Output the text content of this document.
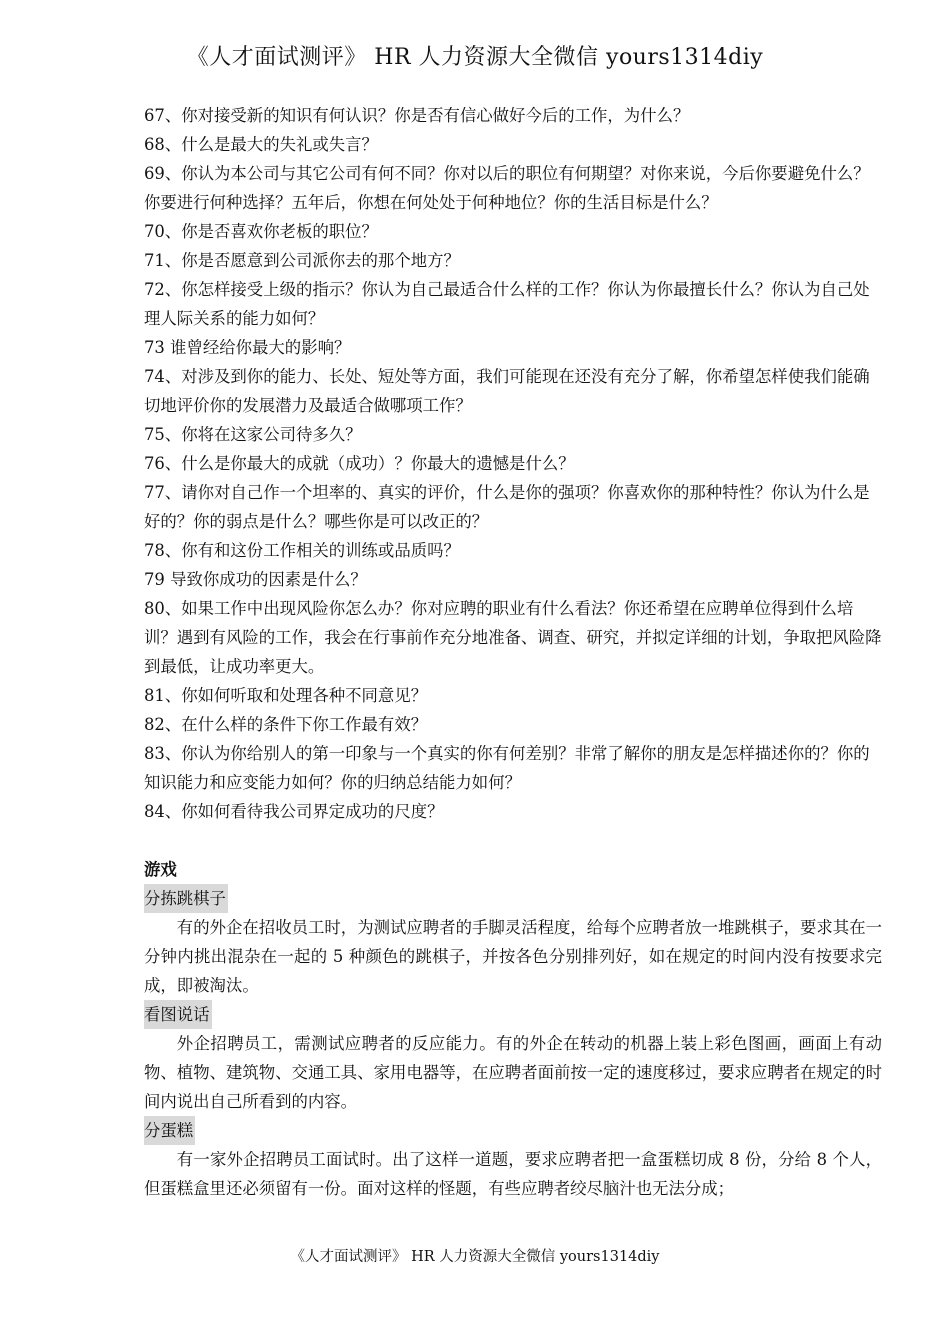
《人才面试测评》 HR 人力资源大全微信 yours1314diy

67、你对接受新的知识有何认识？你是否有信心做好今后的工作，为什么？

68、什么是最大的失礼或失言？

69、你认为本公司与其它公司有何不同？你对以后的职位有何期望？对你来说，今后你要避免什么？你要进行何种选择？五年后，你想在何处处于何种地位？你的生活目标是什么？

70、你是否喜欢你老板的职位？

71、你是否愿意到公司派你去的那个地方？

72、你怎样接受上级的指示？你认为自己最适合什么样的工作？你认为你最擅长什么？你认为自己处理人际关系的能力如何？

73 谁曾经给你最大的影响？

74、对涉及到你的能力、长处、短处等方面，我们可能现在还没有充分了解，你希望怎样使我们能确切地评价你的发展潜力及最适合做哪项工作？

75、你将在这家公司待多久？

76、什么是你最大的成就（成功）？你最大的遗憾是什么？

77、请你对自己作一个坦率的、真实的评价，什么是你的强项？你喜欢你的那种特性？你认为什么是好的？你的弱点是什么？哪些你是可以改正的？

78、你有和这份工作相关的训练或品质吗？

79 导致你成功的因素是什么？

80、如果工作中出现风险你怎么办？你对应聘的职业有什么看法？你还希望在应聘单位得到什么培训？遇到有风险的工作，我会在行事前作充分地准备、调查、研究，并拟定详细的计划，争取把风险降到最低，让成功率更大。

81、你如何听取和处理各种不同意见？

82、在什么样的条件下你工作最有效？

83、你认为你给别人的第一印象与一个真实的你有何差别？非常了解你的朋友是怎样描述你的？你的知识能力和应变能力如何？你的归纳总结能力如何？

84、你如何看待我公司界定成功的尺度？

游戏

分拣跳棋子

有的外企在招收员工时，为测试应聘者的手脚灵活程度，给每个应聘者放一堆跳棋子，要求其在一分钟内挑出混杂在一起的 5 种颜色的跳棋子，并按各色分别排列好，如在规定的时间内没有按要求完成，即被淘汰。

看图说话

外企招聘员工，需测试应聘者的反应能力。有的外企在转动的机器上装上彩色图画，画面上有动物、植物、建筑物、交通工具、家用电器等，在应聘者面前按一定的速度移过，要求应聘者在规定的时间内说出自己所看到的内容。

分蛋糕

有一家外企招聘员工面试时。出了这样一道题，要求应聘者把一盒蛋糕切成 8 份，分给 8 个人，但蛋糕盒里还必须留有一份。面对这样的怪题，有些应聘者绞尽脑汁也无法分成；

《人才面试测评》 HR 人力资源大全微信 yours1314diy
